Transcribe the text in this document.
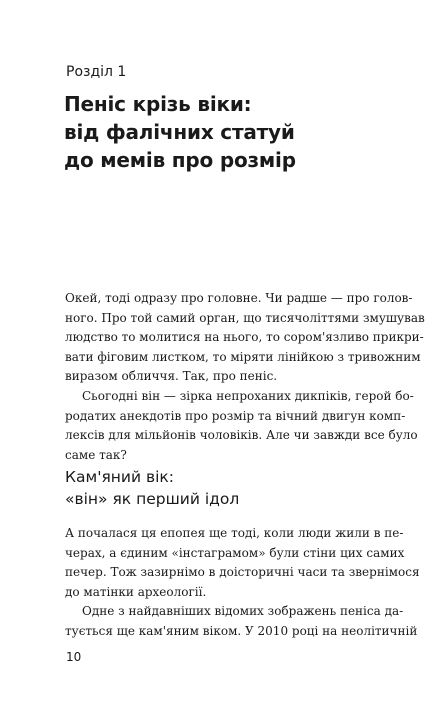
Розділ 1
Пеніс крізь віки:
від фалічних статуй
до мемів про розмір

Окей, тоді одразу про головне. Чи радше — про голов-
ного. Про той самий орган, що тисячоліттями змушував
людство то молитися на нього, то сором'язливо прикри-
вати фіговим листком, то міряти лінійкою з тривожним
виразом обличчя. Так, про пеніс.

Сьогодні він — зірка непрохaних дикпіків, герой бо-
родатих анекдотів про розмір та вічний двигун комп-
лексів для мільйонів чоловіків. Але чи завжди все було
саме так?

Кам'яний вік:
«він» як перший ідол

А почалася ця епопея ще тоді, коли люди жили в пе-
черах, а єдиним «інстаграмом» були стіни цих самих
печер. Тож зазирнімо в доісторичні часи та звернімося
до матінки археології.

Одне з найдавніших відомих зображень пеніса да-
тується ще кам'яним віком. У 2010 році на неолітичній

10
